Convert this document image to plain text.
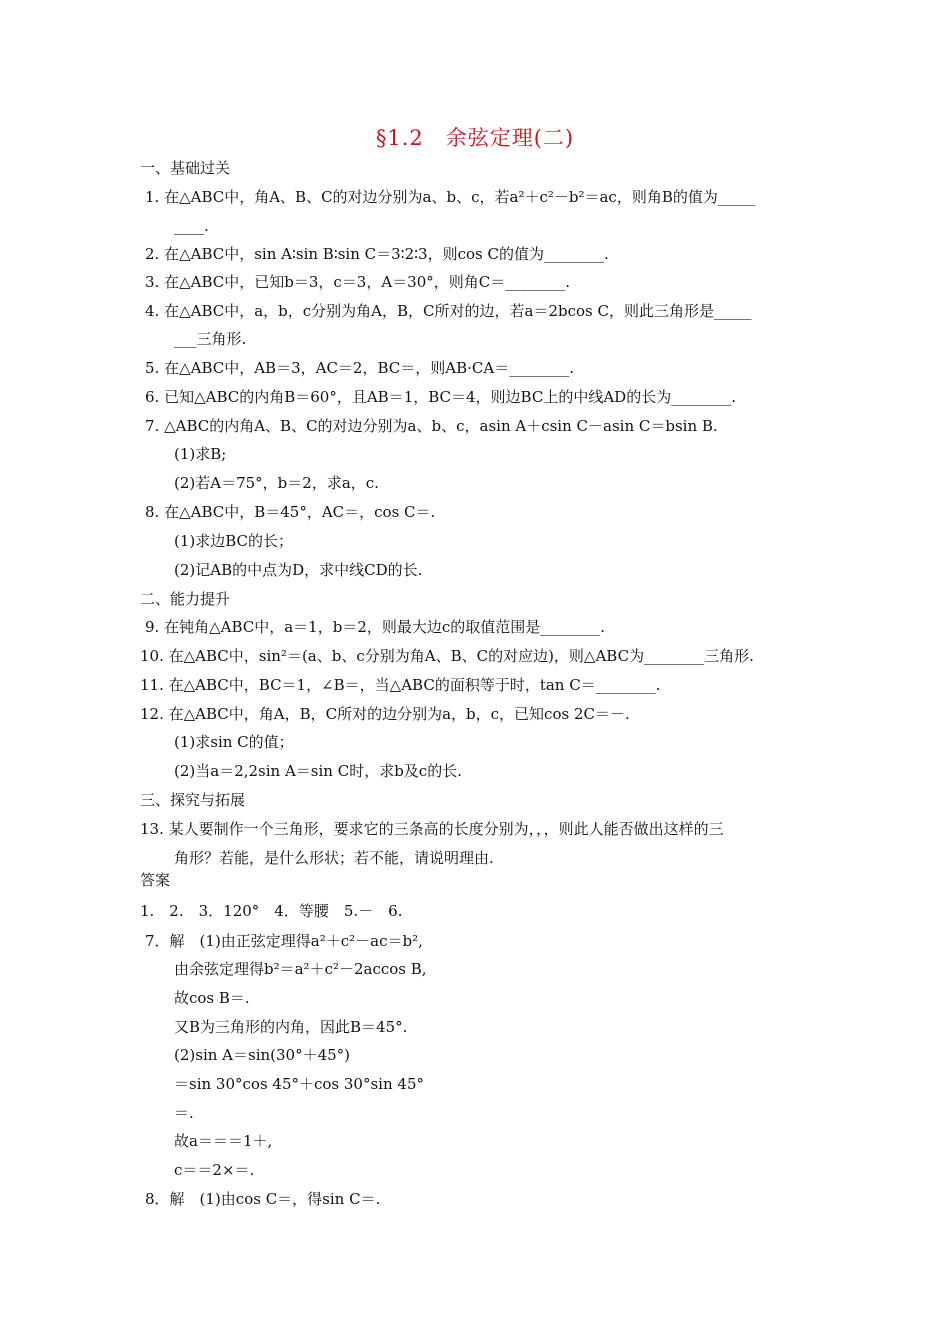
§1.2　余弦定理(二)
一、基础过关
1. 在△ABC中，角A、B、C的对边分别为a、b、c，若a²＋c²－b²＝ac，则角B的值为_____
____.
2. 在△ABC中，sin A∶sin B∶sin C＝3∶2∶3，则cos C的值为________.
3. 在△ABC中，已知b＝3，c＝3，A＝30°，则角C＝________.
4. 在△ABC中，a，b，c分别为角A，B，C所对的边，若a＝2bcos C，则此三角形是_____
___三角形.
5. 在△ABC中，AB＝3，AC＝2，BC＝，则AB·CA＝________.
6. 已知△ABC的内角B＝60°，且AB＝1，BC＝4，则边BC上的中线AD的长为________.
7. △ABC的内角A、B、C的对边分别为a、b、c，asin A＋csin C－asin C＝bsin B.
(1)求B;
(2)若A＝75°，b＝2，求a，c.
8. 在△ABC中，B＝45°，AC＝，cos C＝.
(1)求边BC的长；
(2)记AB的中点为D，求中线CD的长.
二、能力提升
9. 在钝角△ABC中，a＝1，b＝2，则最大边c的取值范围是________.
10. 在△ABC中，sin²＝(a、b、c分别为角A、B、C的对应边)，则△ABC为________三角形.
11. 在△ABC中，BC＝1，∠B＝，当△ABC的面积等于时，tan C＝________.
12. 在△ABC中，角A，B，C所对的边分别为a，b，c，已知cos 2C＝－.
(1)求sin C的值；
(2)当a＝2,2sin A＝sin C时，求b及c的长.
三、探究与拓展
13. 某人要制作一个三角形，要求它的三条高的长度分别为，，，则此人能否做出这样的三
角形？若能，是什么形状；若不能，请说明理由.
答案
1.　2.　3．120°　4．等腰　5.－　6.
7．解　(1)由正弦定理得a²＋c²－ac＝b²,
由余弦定理得b²＝a²＋c²－2accos B,
故cos B＝.
又B为三角形的内角，因此B＝45°.
(2)sin A＝sin(30°＋45°)
＝sin 30°cos 45°＋cos 30°sin 45°
＝.
故a＝＝＝1＋,
c＝＝2×＝.
8．解　(1)由cos C＝，得sin C＝.
